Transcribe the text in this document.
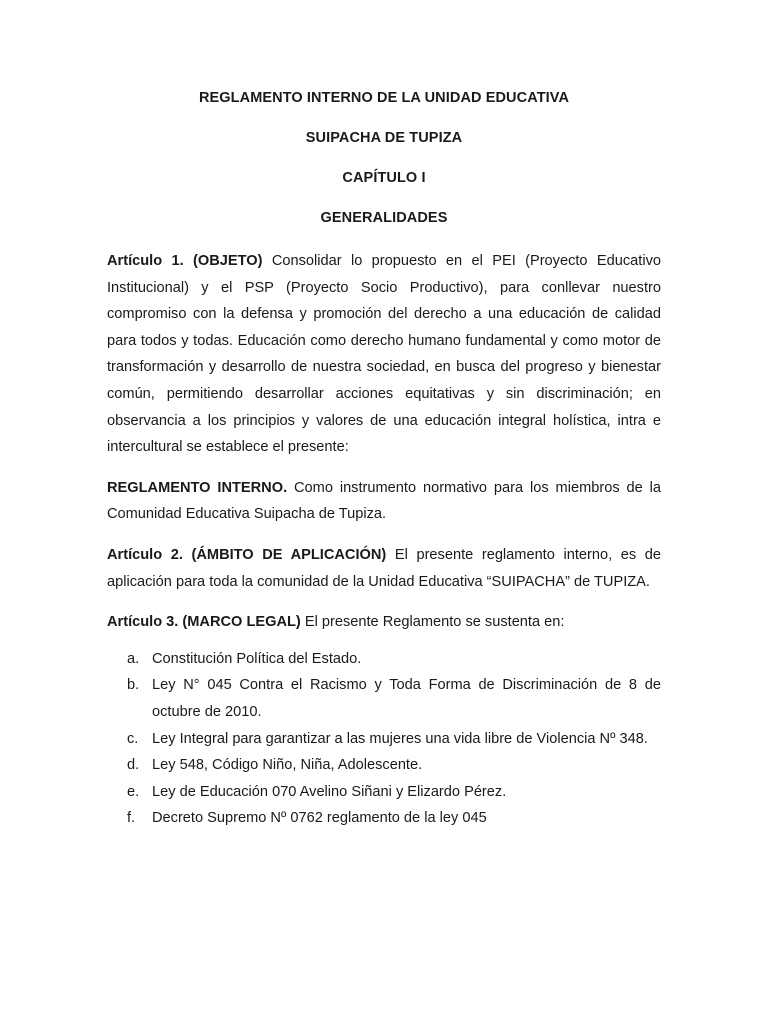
REGLAMENTO INTERNO DE LA UNIDAD EDUCATIVA
SUIPACHA DE TUPIZA
CAPÍTULO I
GENERALIDADES

Artículo 1. (OBJETO) Consolidar lo propuesto en el PEI (Proyecto Educativo Institucional) y el PSP (Proyecto Socio Productivo), para conllevar nuestro compromiso con la defensa y promoción del derecho a una educación de calidad para todos y todas. Educación como derecho humano fundamental y como motor de transformación y desarrollo de nuestra sociedad, en busca del progreso y bienestar común, permitiendo desarrollar acciones equitativas y sin discriminación; en observancia a los principios y valores de una educación integral holística, intra e intercultural se establece el presente:

REGLAMENTO INTERNO. Como instrumento normativo para los miembros de la Comunidad Educativa Suipacha de Tupiza.

Artículo 2. (ÁMBITO DE APLICACIÓN) El presente reglamento interno, es de aplicación para toda la comunidad de la Unidad Educativa “SUIPACHA” de TUPIZA.

Artículo 3. (MARCO LEGAL) El presente Reglamento se sustenta en:

a. Constitución Política del Estado.
b. Ley N° 045 Contra el Racismo y Toda Forma de Discriminación de 8 de octubre de 2010.
c. Ley Integral para garantizar a las mujeres una vida libre de Violencia Nº 348.
d. Ley 548, Código Niño, Niña, Adolescente.
e. Ley de Educación 070 Avelino Siñani y Elizardo Pérez.
f. Decreto Supremo Nº 0762 reglamento de la ley 045
